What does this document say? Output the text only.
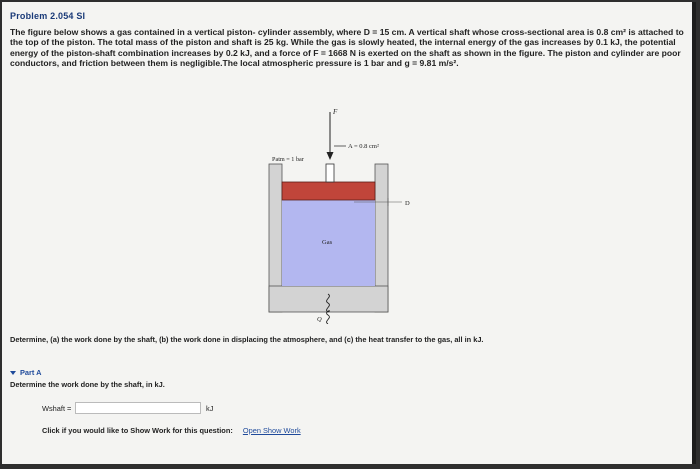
Problem 2.054 SI
The figure below shows a gas contained in a vertical piston- cylinder assembly, where D = 15 cm. A vertical shaft whose cross-sectional area is 0.8 cm² is attached to the top of the piston. The total mass of the piston and shaft is 25 kg. While the gas is slowly heated, the internal energy of the gas increases by 0.1 kJ, the potential energy of the piston-shaft combination increases by 0.2 kJ, and a force of F = 1668 N is exerted on the shaft as shown in the figure. The piston and cylinder are poor conductors, and friction between them is negligible.The local atmospheric pressure is 1 bar and g = 9.81 m/s².
F
A = 0.8 cm²
Patm = 1 bar
D
Gas
Q
Determine, (a) the work done by the shaft, (b) the work done in displacing the atmosphere, and (c) the heat transfer to the gas, all in kJ.
Part A
Determine the work done by the shaft, in kJ.
Wshaft =	kJ
Click if you would like to Show Work for this question: Open Show Work
